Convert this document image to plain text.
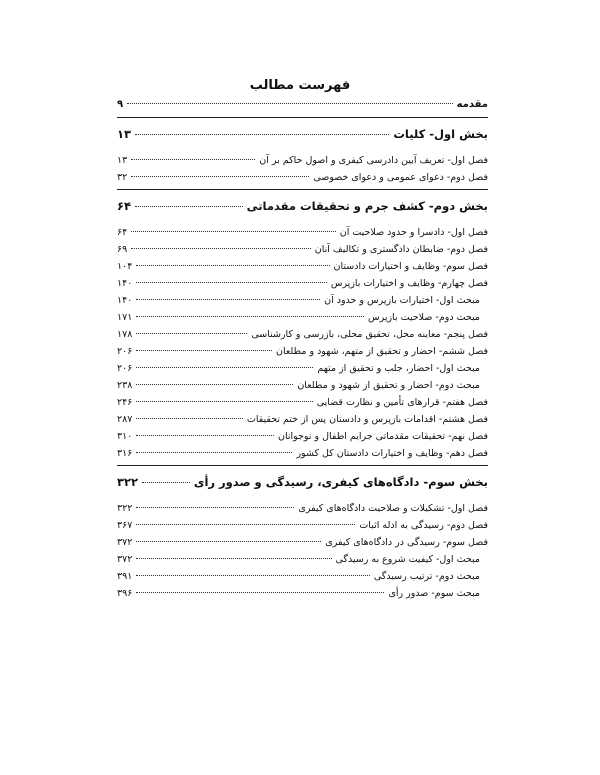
فهرست مطالب
مقدمه
۹
بخش اول- کلیات
۱۳
فصل اول- تعریف آیین دادرسی کیفری و اصول حاکم بر آن
۱۳
فصل دوم- دعوای عمومی و دعوای خصوصی
۳۲
بخش دوم- کشف جرم و تحقیقات مقدماتی
۶۴
فصل اول- دادسرا و حدود صلاحیت آن
۶۴
فصل دوم- ضابطان دادگستری و تکالیف آنان
۶۹
فصل سوم- وظایف و اختیارات دادستان
۱۰۴
فصل چهارم- وظایف و اختیارات بازپرس
۱۴۰
مبحث اول- اختیارات بازپرس و حدود آن
۱۴۰
مبحث دوم- صلاحیت بازپرس
۱۷۱
فصل پنجم- معاینه محل، تحقیق محلی، بازرسی و کارشناسی
۱۷۸
فصل ششم- احضار و تحقیق از متهم، شهود و مطلعان
۲۰۶
مبحث اول- احضار، جلب و تحقیق از متهم
۲۰۶
مبحث دوم- احضار و تحقیق از شهود و مطلعان
۲۳۸
فصل هفتم- قرارهای تأمین و نظارت قضایی
۲۴۶
فصل هشتم- اقدامات بازپرس و دادستان پس از ختم تحقیقات
۲۸۷
فصل نهم- تحقیقات مقدماتی جرایم اطفال و نوجوانان
۳۱۰
فصل دهم- وظایف و اختیارات دادستان کل کشور
۳۱۶
بخش سوم- دادگاه‌های کیفری، رسیدگی و صدور رأی
۳۲۲
فصل اول- تشکیلات و صلاحیت دادگاه‌های کیفری
۳۲۲
فصل دوم- رسیدگی به ادله اثبات
۳۶۷
فصل سوم- رسیدگی در دادگاه‌های کیفری
۳۷۲
مبحث اول- کیفیت شروع به رسیدگی
۳۷۲
مبحث دوم- ترتیب رسیدگی
۳۹۱
مبحث سوم- صدور رأی
۳۹۶
